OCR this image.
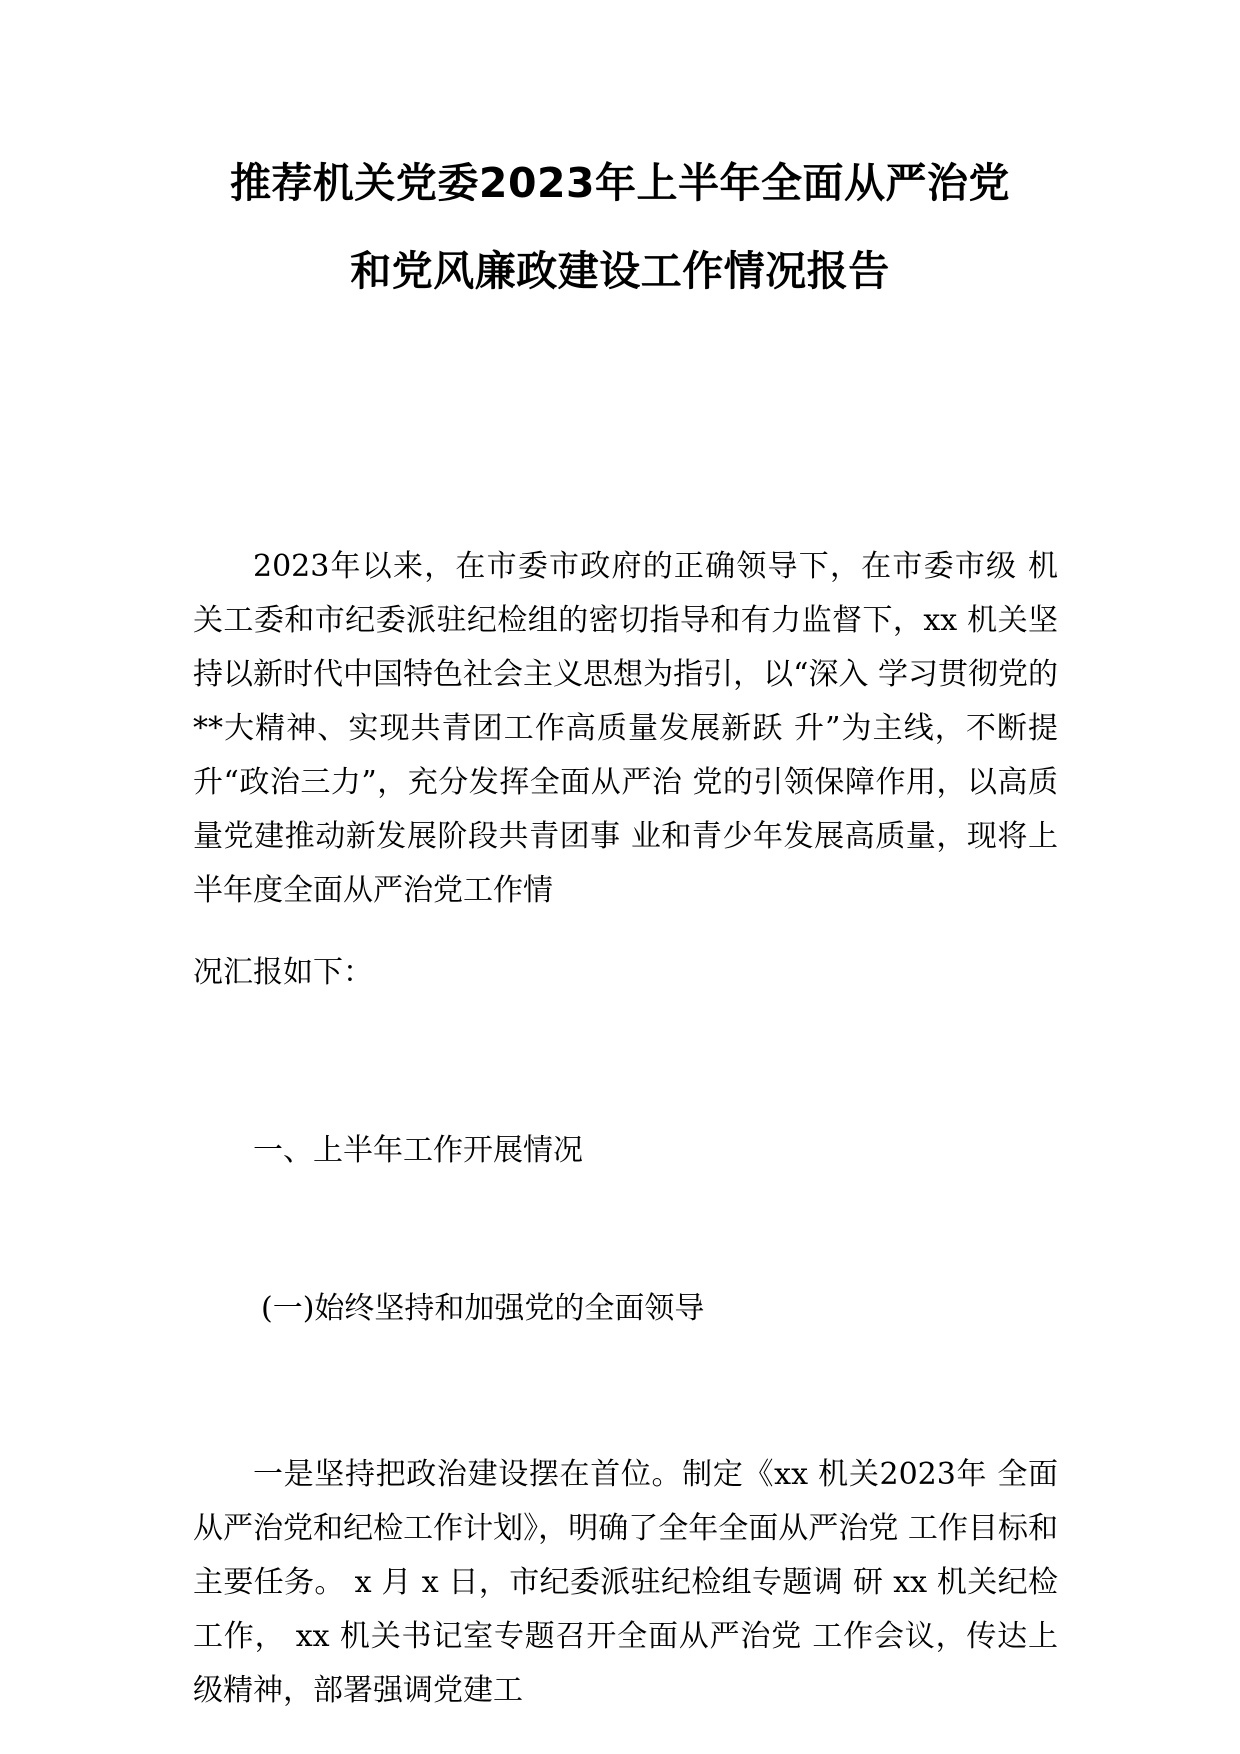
推荐机关党委2023年上半年全面从严治党
和党风廉政建设工作情况报告
2023年以来，在市委市政府的正确领导下，在市委市级 机关工委和市纪委派驻纪检组的密切指导和有力监督下，xx 机关坚持以新时代中国特色社会主义思想为指引，以“深入 学习贯彻党的**大精神、实现共青团工作高质量发展新跃 升”为主线，不断提升“政治三力”，充分发挥全面从严治 党的引领保障作用，以高质量党建推动新发展阶段共青团事 业和青少年发展高质量，现将上半年度全面从严治党工作情
况汇报如下：
一、上半年工作开展情况
(一)始终坚持和加强党的全面领导
一是坚持把政治建设摆在首位。制定《xx 机关2023年 全面从严治党和纪检工作计划》，明确了全年全面从严治党 工作目标和主要任务。 x 月 x 日，市纪委派驻纪检组专题调 研 xx 机关纪检工作， xx 机关书记室专题召开全面从严治党 工作会议，传达上级精神，部署强调党建工
